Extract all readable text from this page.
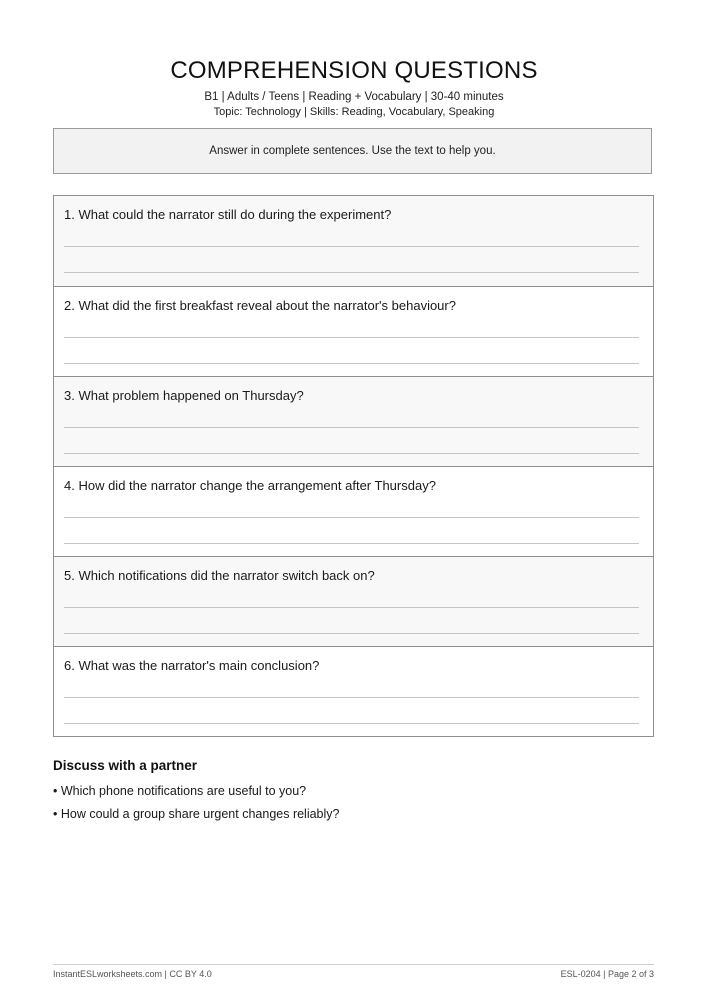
COMPREHENSION QUESTIONS
B1 | Adults / Teens | Reading + Vocabulary | 30-40 minutes
Topic: Technology | Skills: Reading, Vocabulary, Speaking
Answer in complete sentences. Use the text to help you.
1. What could the narrator still do during the experiment?
2. What did the first breakfast reveal about the narrator's behaviour?
3. What problem happened on Thursday?
4. How did the narrator change the arrangement after Thursday?
5. Which notifications did the narrator switch back on?
6. What was the narrator's main conclusion?
Discuss with a partner
• Which phone notifications are useful to you?
• How could a group share urgent changes reliably?
InstantESLworksheets.com | CC BY 4.0	ESL-0204 | Page 2 of 3
